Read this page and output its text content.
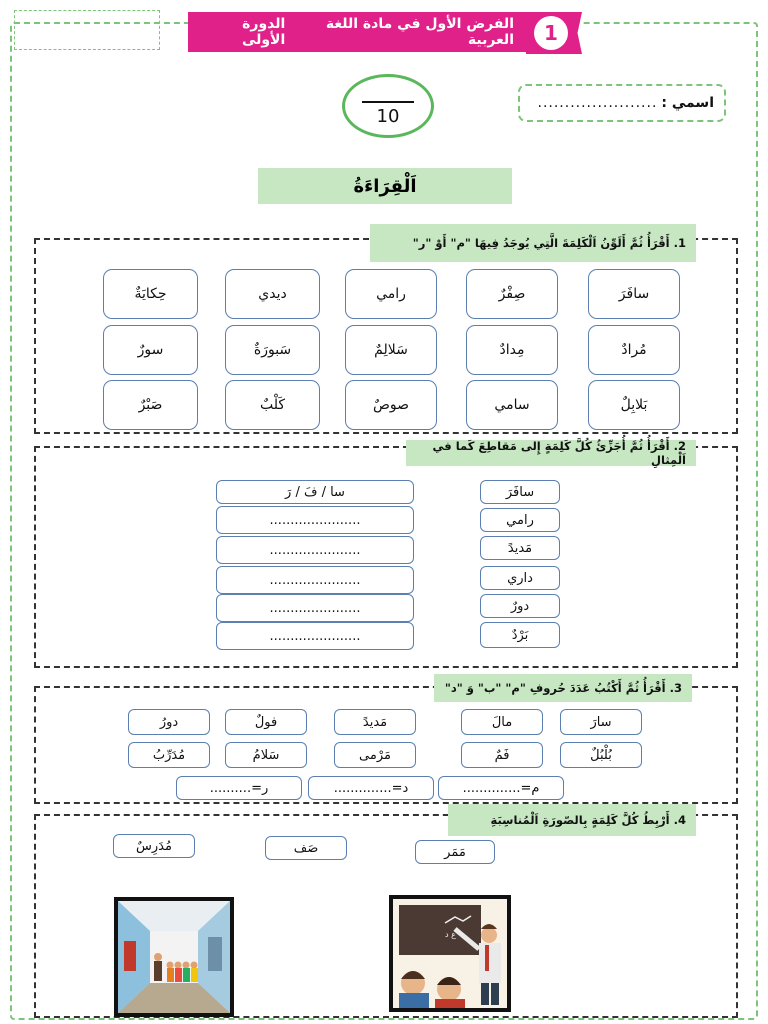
الفرض الأول في مادة اللغة العربية
الدورة الأولى	1
10
اسمي :
......................
اَلْقِرَاءَةُ
1. أَقْرَأُ ثُمَّ أَلَوِّنُ اَلْكَلِمَةَ الَّتِي يُوجَدُ فِيهَا "م" أَوْ "ر"
سافَرَ
صِفْرٌ
رامي
ديدي
حِكايَةٌ
مُرادٌ
مِدادٌ
سَلالِمٌ
سَبورَةٌ
سورٌ
بَلابِلٌ
سامي
صوصٌ
كَلْبٌ
صَبْرٌ
2. أَقْرَأُ ثُمَّ أُجَزِّئُ كُلَّ كَلِمَةٍ إِلى مَقاطِعَ كَما في اَلْمِثالِ
سافَرَ
رامي
مَديدً
داري
دورٌ
بَرْدٌ
سا / فَ / رَ
......................
......................
......................
......................
......................
3. أَقْرَأُ ثُمَّ أَكْتُبُ عَدَدَ حُروفِ "م" "ب" وَ "د"
سارَ
مالَ
مَديدً
فولٌ
دورُ
بُلْبُلٌ
فَمٌ
مَرْمى
سَلامُ
مُدَرِّبُ
م=..............
د=..............
ر=..........
4. أَرْبِطُ كُلَّ كَلِمَةٍ بِالصّورَةِ اَلْمُناسِبَةِ
مَمَر
صَف
مُدَرِسٌ
ع د
